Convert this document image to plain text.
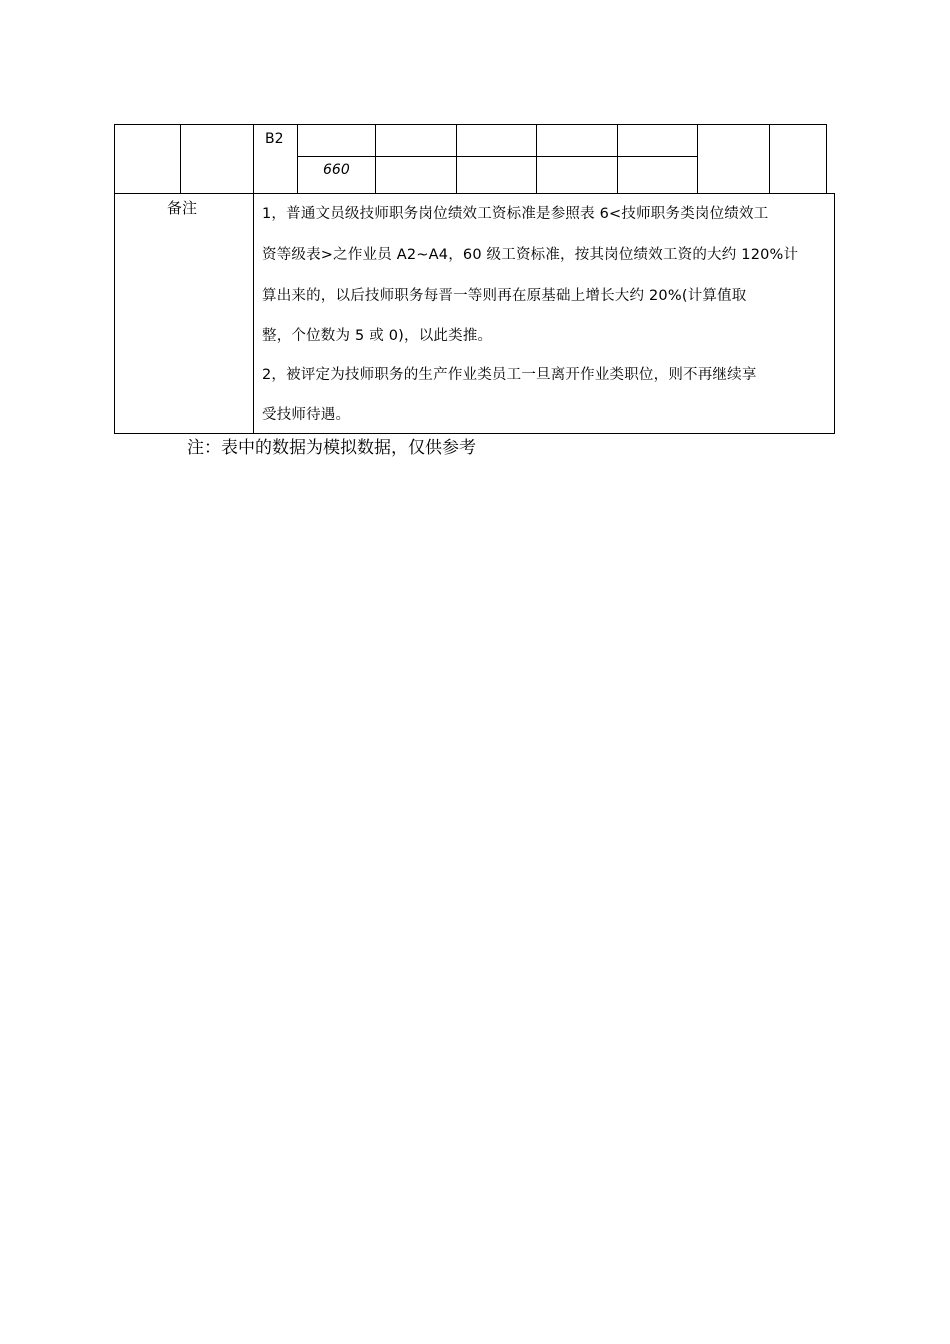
B2
660
备注	1，普通文员级技师职务岗位绩效工资标准是参照表 6<技师职务类岗位绩效工
资等级表>之作业员 A2~A4，60 级工资标准，按其岗位绩效工资的大约 120%计
算出来的，以后技师职务每晋一等则再在原基础上增长大约 20%(计算值取
整，个位数为 5 或 0)，以此类推。
2，被评定为技师职务的生产作业类员工一旦离开作业类职位，则不再继续享
受技师待遇。
注：表中的数据为模拟数据，仅供参考
